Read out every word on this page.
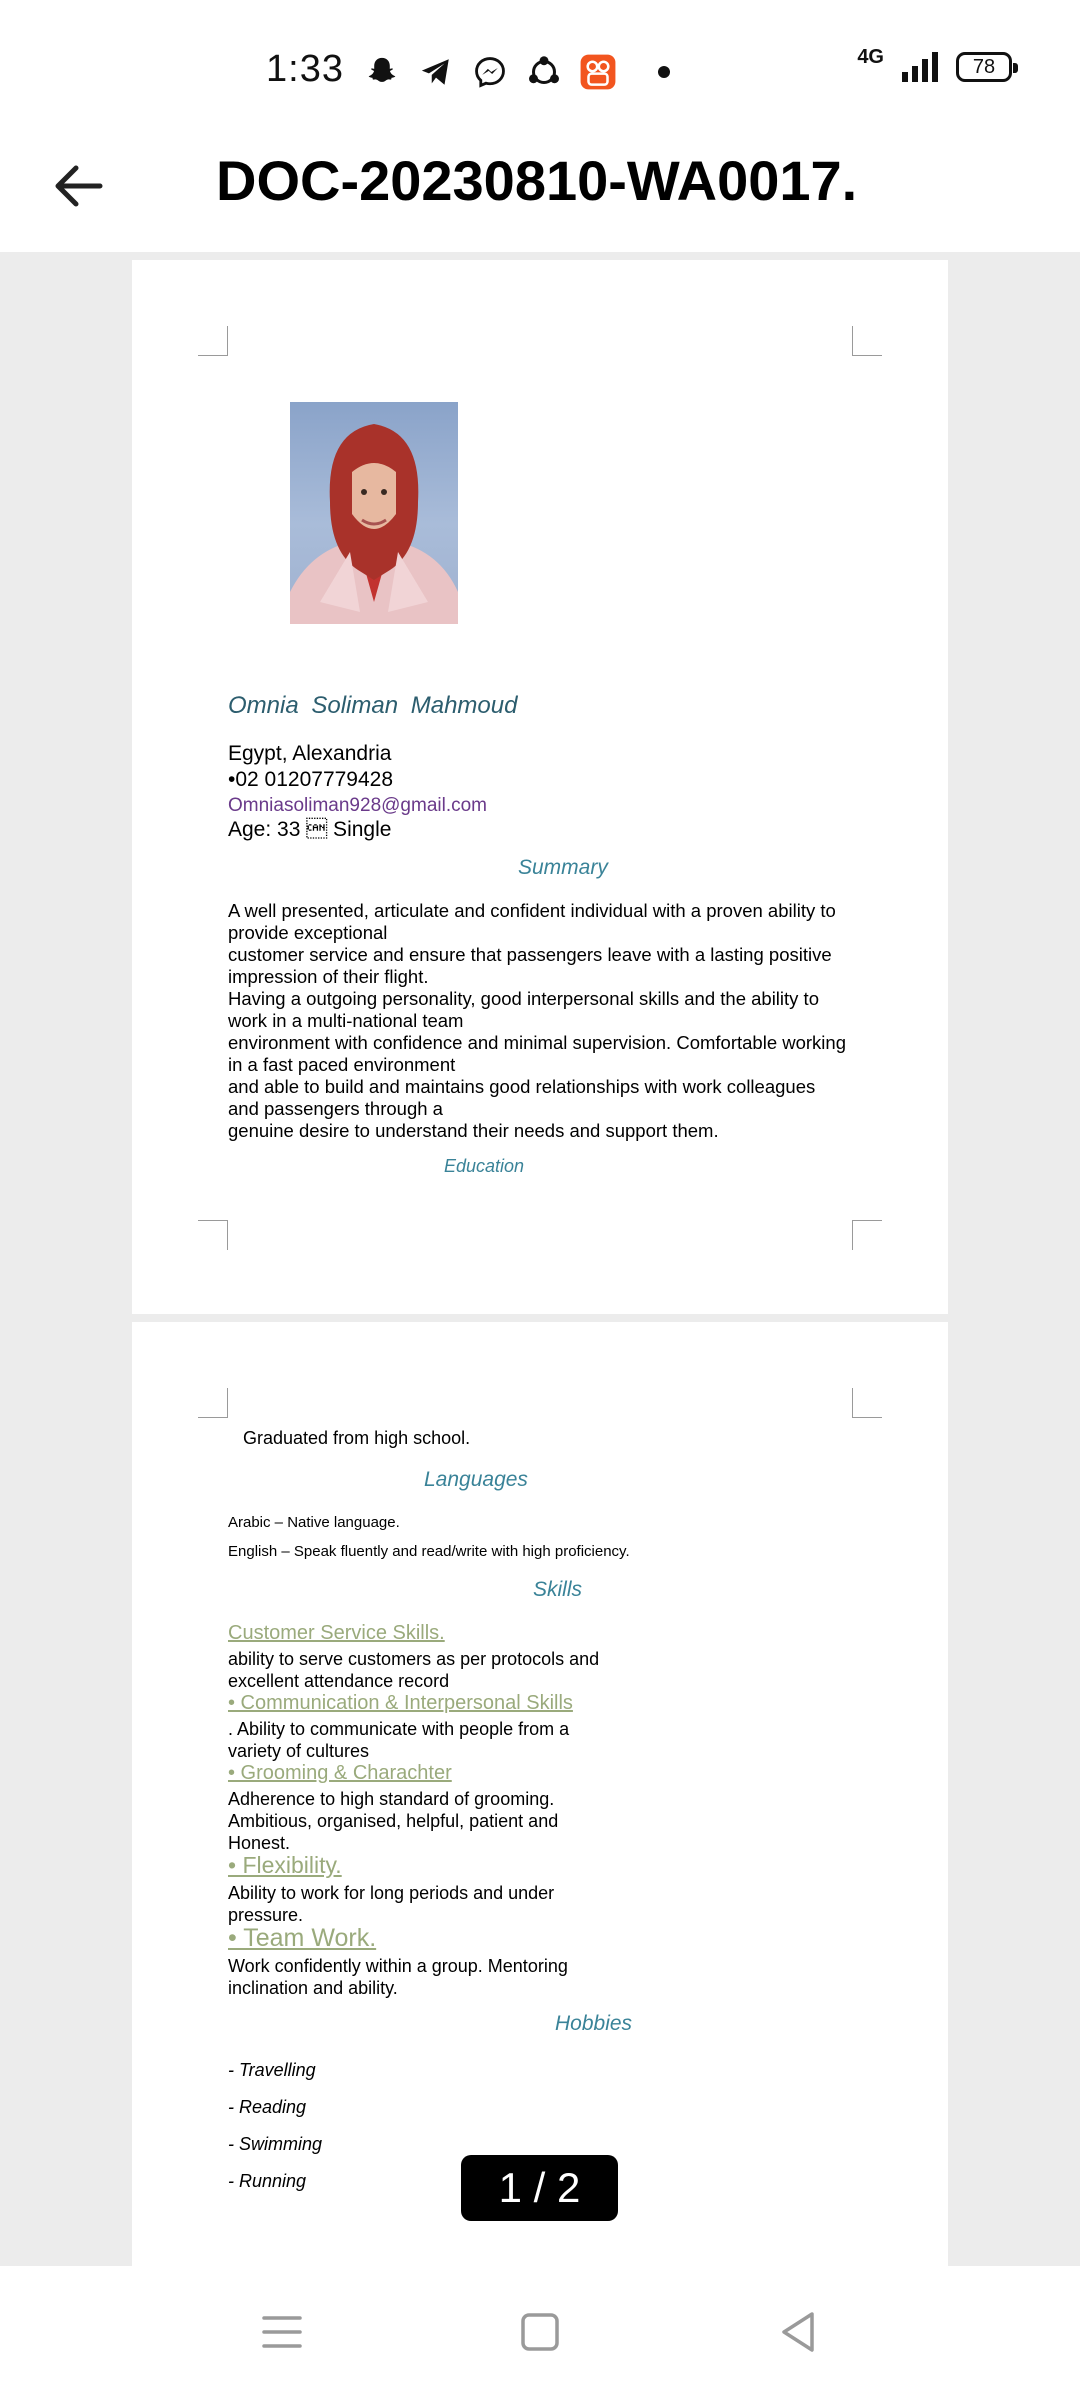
1:33	4G	78
DOC-20230810-WA0017.
Omnia Soliman Mahmoud
Egypt, Alexandria
•02 01207779428
Omniasoliman928@gmail.com
Age: 33  Single
Summary
A well presented, articulate and confident individual with a proven ability to provide exceptional
customer service and ensure that passengers leave with a lasting positive impression of their flight.
Having a outgoing personality, good interpersonal skills and the ability to work in a multi-national team
environment with confidence and minimal supervision. Comfortable working in a fast paced environment
and able to build and maintains good relationships with work colleagues and passengers through a
genuine desire to understand their needs and support them.
Education
Graduated from high school.
Languages
Arabic – Native language.
English – Speak fluently and read/write with high proficiency.
Skills
Customer Service Skills.
ability to serve customers as per protocols and excellent attendance record
• Communication & Interpersonal Skills
. Ability to communicate with people from a variety of cultures
• Grooming & Charachter
Adherence to high standard of grooming. Ambitious, organised, helpful, patient and Honest.
• Flexibility.
Ability to work for long periods and under pressure.
• Team Work.
Work confidently within a group. Mentoring inclination and ability.
Hobbies
- Travelling
- Reading
- Swimming
- Running	1 / 2
